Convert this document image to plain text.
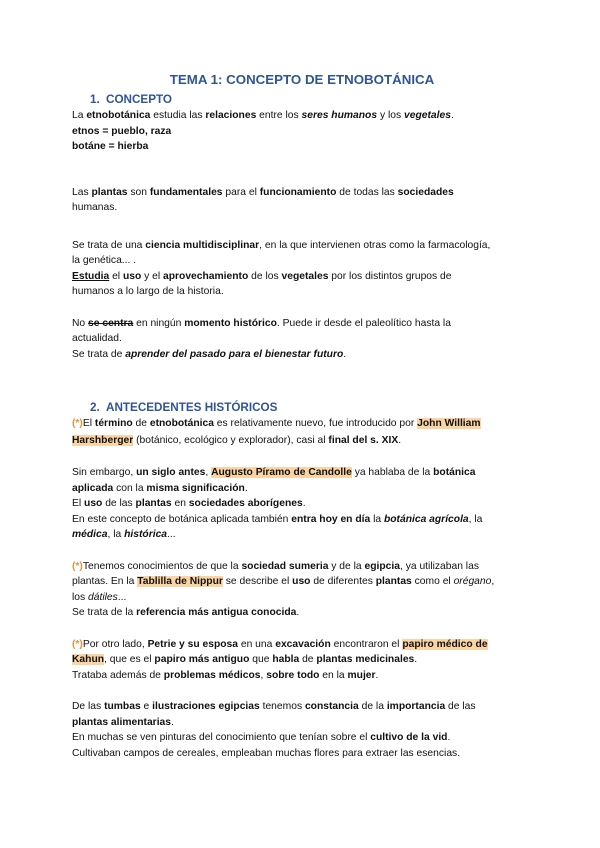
TEMA 1: CONCEPTO DE ETNOBOTÁNICA
1. CONCEPTO

La etnobotánica estudia las relaciones entre los seres humanos y los vegetales.

etnos = pueblo, raza

botáne = hierba

Las plantas son fundamentales para el funcionamiento de todas las sociedades
humanas.

Se trata de una ciencia multidisciplinar, en la que intervienen otras como la farmacología,
la genética... .

Estudia el uso y el aprovechamiento de los vegetales por los distintos grupos de
humanos a lo largo de la historia.

No se centra en ningún momento histórico. Puede ir desde el paleolítico hasta la
actualidad.

Se trata de aprender del pasado para el bienestar futuro.

2. ANTECEDENTES HISTÓRICOS

(*)El término de etnobotánica es relativamente nuevo, fue introducido por John William
Harshberger (botánico, ecológico y explorador), casi al final del s. XIX.

Sin embargo, un siglo antes, Augusto Píramo de Candolle ya hablaba de la botánica
aplicada con la misma significación.

El uso de las plantas en sociedades aborígenes.

En este concepto de botánica aplicada también entra hoy en día la botánica agrícola, la
médica, la histórica...

(*)Tenemos conocimientos de que la sociedad sumeria y de la egipcia, ya utilizaban las
plantas. En la Tablilla de Nippur se describe el uso de diferentes plantas como el orégano,
los dátiles...

Se trata de la referencia más antigua conocida.

(*)Por otro lado, Petrie y su esposa en una excavación encontraron el papiro médico de
Kahun, que es el papiro más antiguo que habla de plantas medicinales.

Trataba además de problemas médicos, sobre todo en la mujer.

De las tumbas e ilustraciones egipcias tenemos constancia de la importancia de las
plantas alimentarias.

En muchas se ven pinturas del conocimiento que tenían sobre el cultivo de la vid.

Cultivaban campos de cereales, empleaban muchas flores para extraer las esencias.
